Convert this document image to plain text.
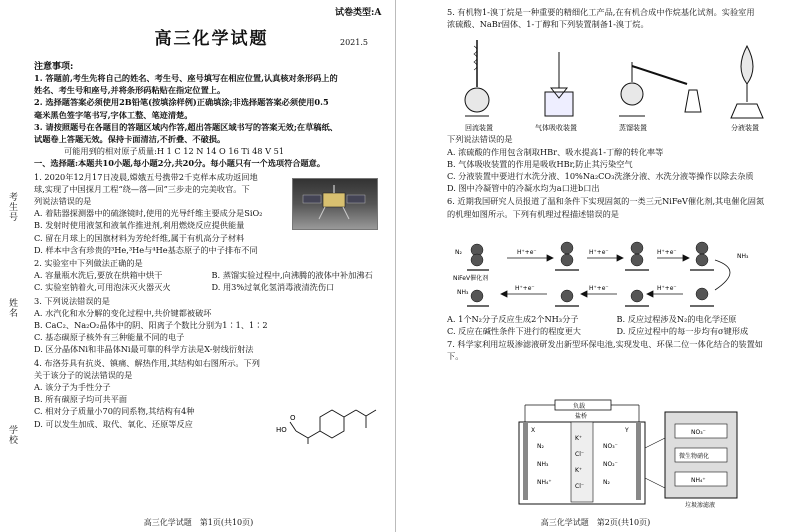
考生号
姓名
学校
试卷类型:A
高三化学试题	2021.5
注意事项:
1. 答题前,考生先将自己的姓名、考生号、座号填写在相应位置,认真核对条形码上的
姓名、考生号和座号,并将条形码粘贴在指定位置上。
2. 选择题答案必须使用2B铅笔(按填涂样例)正确填涂;非选择题答案必须使用0.5
毫米黑色签字笔书写,字体工整、笔迹清楚。
3. 请按照题号在各题目的答题区域内作答,超出答题区域书写的答案无效;在草稿纸、
试题卷上答题无效。保持卡面清洁,不折叠、不破损。
可能用到的相对原子质量:H 1 C 12 N 14 O 16 Ti 48 V 51
一、选择题:本题共10小题,每小题2分,共20分。每小题只有一个选项符合题意。
1. 2020年12月17日凌晨,嫦娥五号携带2千克样本成功返回地
球,实现了中国探月工程“绕—落—回”三步走的完美收官。下
列说法错误的是
A. 着陆器探测器中的硫涤镜时,使用的光导纤维主要成分是SiO₂
B. 发射时使用液氢和液氧作推进剂,利用燃烧反应提供能量
C. 留在月球上的国旗材料为芳纶纤维,属于有机高分子材料
D. 样本中含有珍贵的³He,³He与⁴He基态原子的中子排布不同
2. 实验室中下列做法正确的是
A. 容量瓶水洗后,要放在烘箱中烘干	B. 蒸馏实验过程中,向沸腾的液体中补加沸石
C. 实验室钠着火,可用泡沫灭火器灭火	D. 用3%过氧化氢消毒液清洗伤口
3. 下列说法错误的是
A. 水汽化和水分解的变化过程中,共价键都被破坏
B. CaC₂、Na₂O₂晶体中的阴、阳离子个数比分别为1∶1、1∶2
C. 基态碳原子核外有三种能量不同的电子
D. 区分晶体Ni和非晶体Ni最可靠的科学方法是X-射线衍射法
4. 布洛芬具有抗炎、镇痛、解热作用,其结构如右图所示。下列
关于该分子的说法错误的是
A. 该分子为手性分子
B. 所有碳原子均可共平面
C. 相对分子质量小70的同系物,其结构有4种
D. 可以发生加成、取代、氧化、还原等反应
HO
O
高三化学试题　第1页(共10页)
5. 有机物1-溴丁烷是一种重要的精细化工产品,在有机合成中作烷基化试剂。实验室用
浓硫酸、NaBr固体、1-丁醇和下列装置制备1-溴丁烷。
回流装置	气体吸收装置	蒸馏装置	分液装置
下列说法错误的是
A. 浓硫酸的作用包含制取HBr、吸水提高1-丁醇的转化率等
B. 气体吸收装置的作用是吸收HBr,防止其污染空气
C. 分液装置中要进行水洗分液、10%Na₂CO₃洗涤分液、水洗分液等操作以除去杂质
D. 图中冷凝管中的冷凝水均为a口进b口出
6. 近期我国研究人员报道了温和条件下实现固氮的一类三元NiFeV催化剂,其电催化固氮
的机理如图所示。下列有机理过程描述错误的是
N₂
NiFeV催化剂
H⁺+e⁻	H⁺+e⁻	H⁺+e⁻
NH₃
H⁺+e⁻
H⁺+e⁻
H⁺+e⁻
NH₃
A. 1个N₂分子反应生成2个NH₃分子	B. 反应过程涉及N₂的电化学还原
C. 反应在碱性条件下进行的程度更大	D. 反应过程中的每一步均有σ键形成
7. 科学家利用垃圾渗滤液研发出新型环保电池,实现发电、环保二位一体化结合的装置如
下。
负载
盐桥
X	Y
N₂
NH₃
NH₄⁺
K⁺
Cl⁻
K⁺
Cl⁻
NO₃⁻
NO₂⁻
N₂
NO₃⁻
微生物硝化
NH₄⁺
垃圾渗滤液
高三化学试题　第2页(共10页)
